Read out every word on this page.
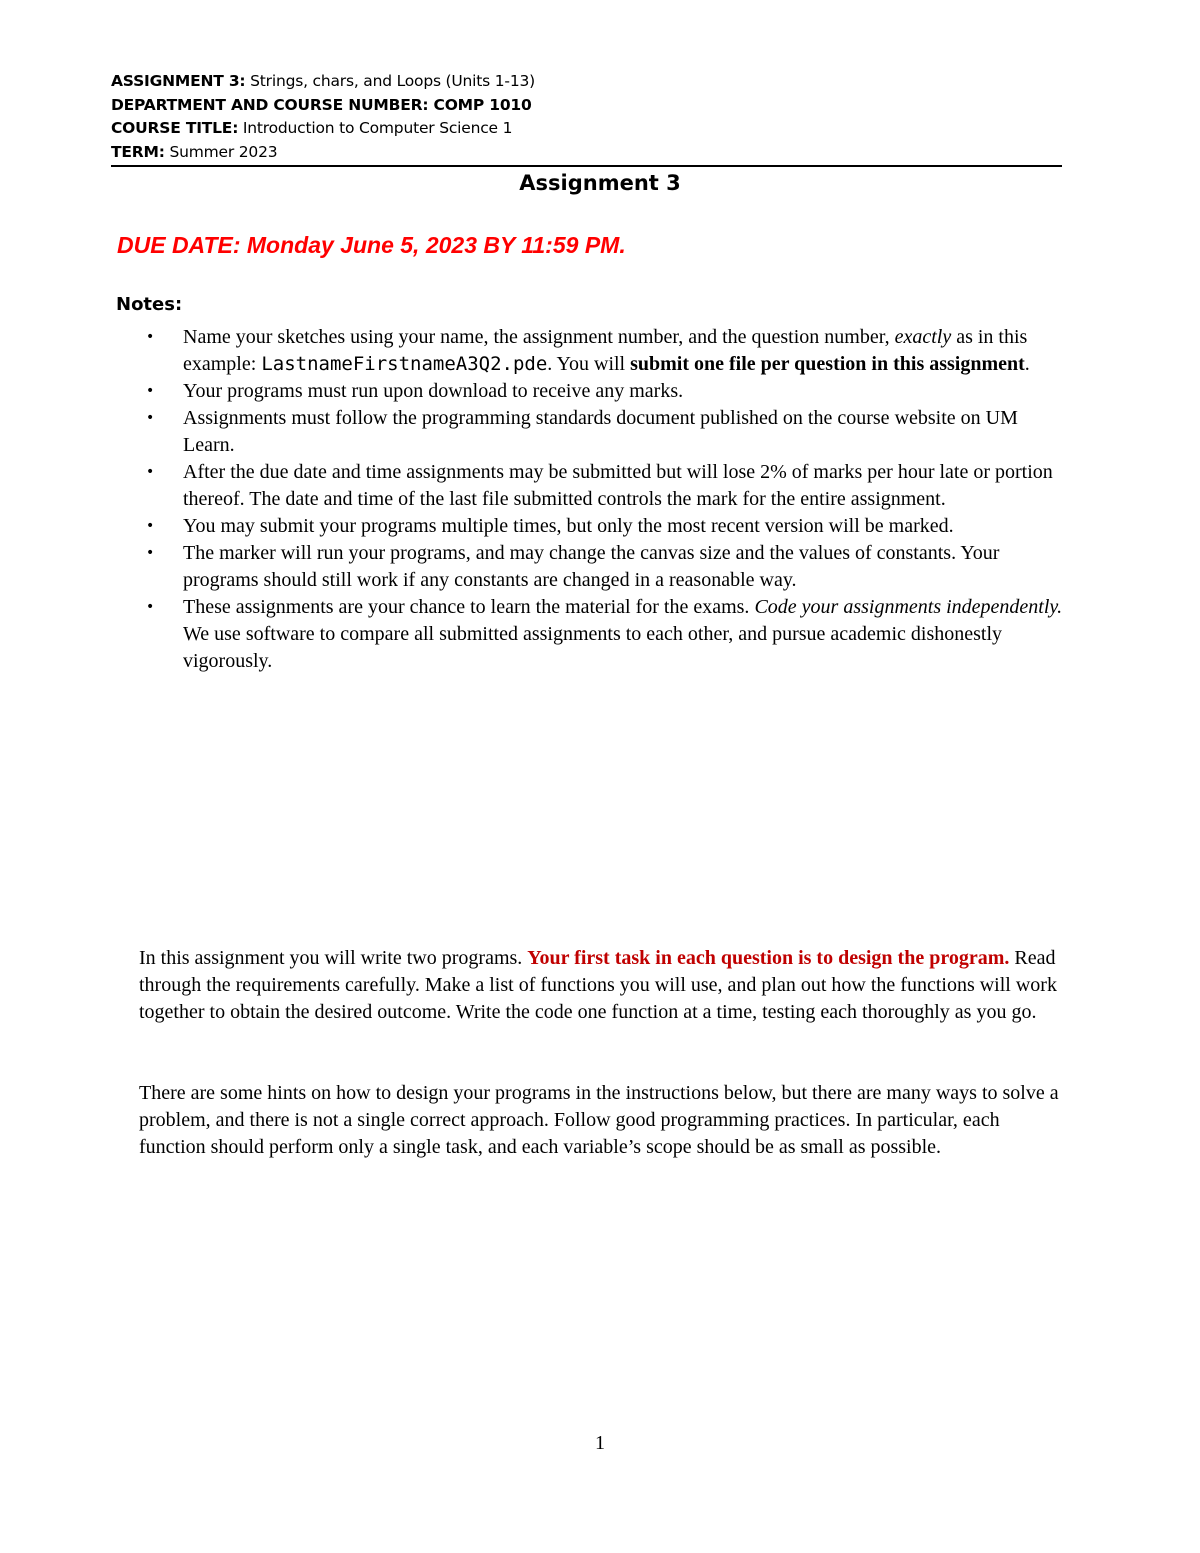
ASSIGNMENT 3: Strings, chars, and Loops (Units 1-13)
DEPARTMENT AND COURSE NUMBER: COMP 1010
COURSE TITLE: Introduction to Computer Science 1
TERM: Summer 2023
Assignment 3
DUE DATE: Monday June 5, 2023 BY 11:59 PM.
Notes:
• Name your sketches using your name, the assignment number, and the question number, exactly as in this example: LastnameFirstnameA3Q2.pde. You will submit one file per question in this assignment.
• Your programs must run upon download to receive any marks.
• Assignments must follow the programming standards document published on the course website on UM Learn.
• After the due date and time assignments may be submitted but will lose 2% of marks per hour late or portion thereof. The date and time of the last file submitted controls the mark for the entire assignment.
• You may submit your programs multiple times, but only the most recent version will be marked.
• The marker will run your programs, and may change the canvas size and the values of constants. Your programs should still work if any constants are changed in a reasonable way.
• These assignments are your chance to learn the material for the exams. Code your assignments independently. We use software to compare all submitted assignments to each other, and pursue academic dishonestly vigorously.

In this assignment you will write two programs. Your first task in each question is to design the program. Read through the requirements carefully. Make a list of functions you will use, and plan out how the functions will work together to obtain the desired outcome. Write the code one function at a time, testing each thoroughly as you go.

There are some hints on how to design your programs in the instructions below, but there are many ways to solve a problem, and there is not a single correct approach. Follow good programming practices. In particular, each function should perform only a single task, and each variable’s scope should be as small as possible.

1
